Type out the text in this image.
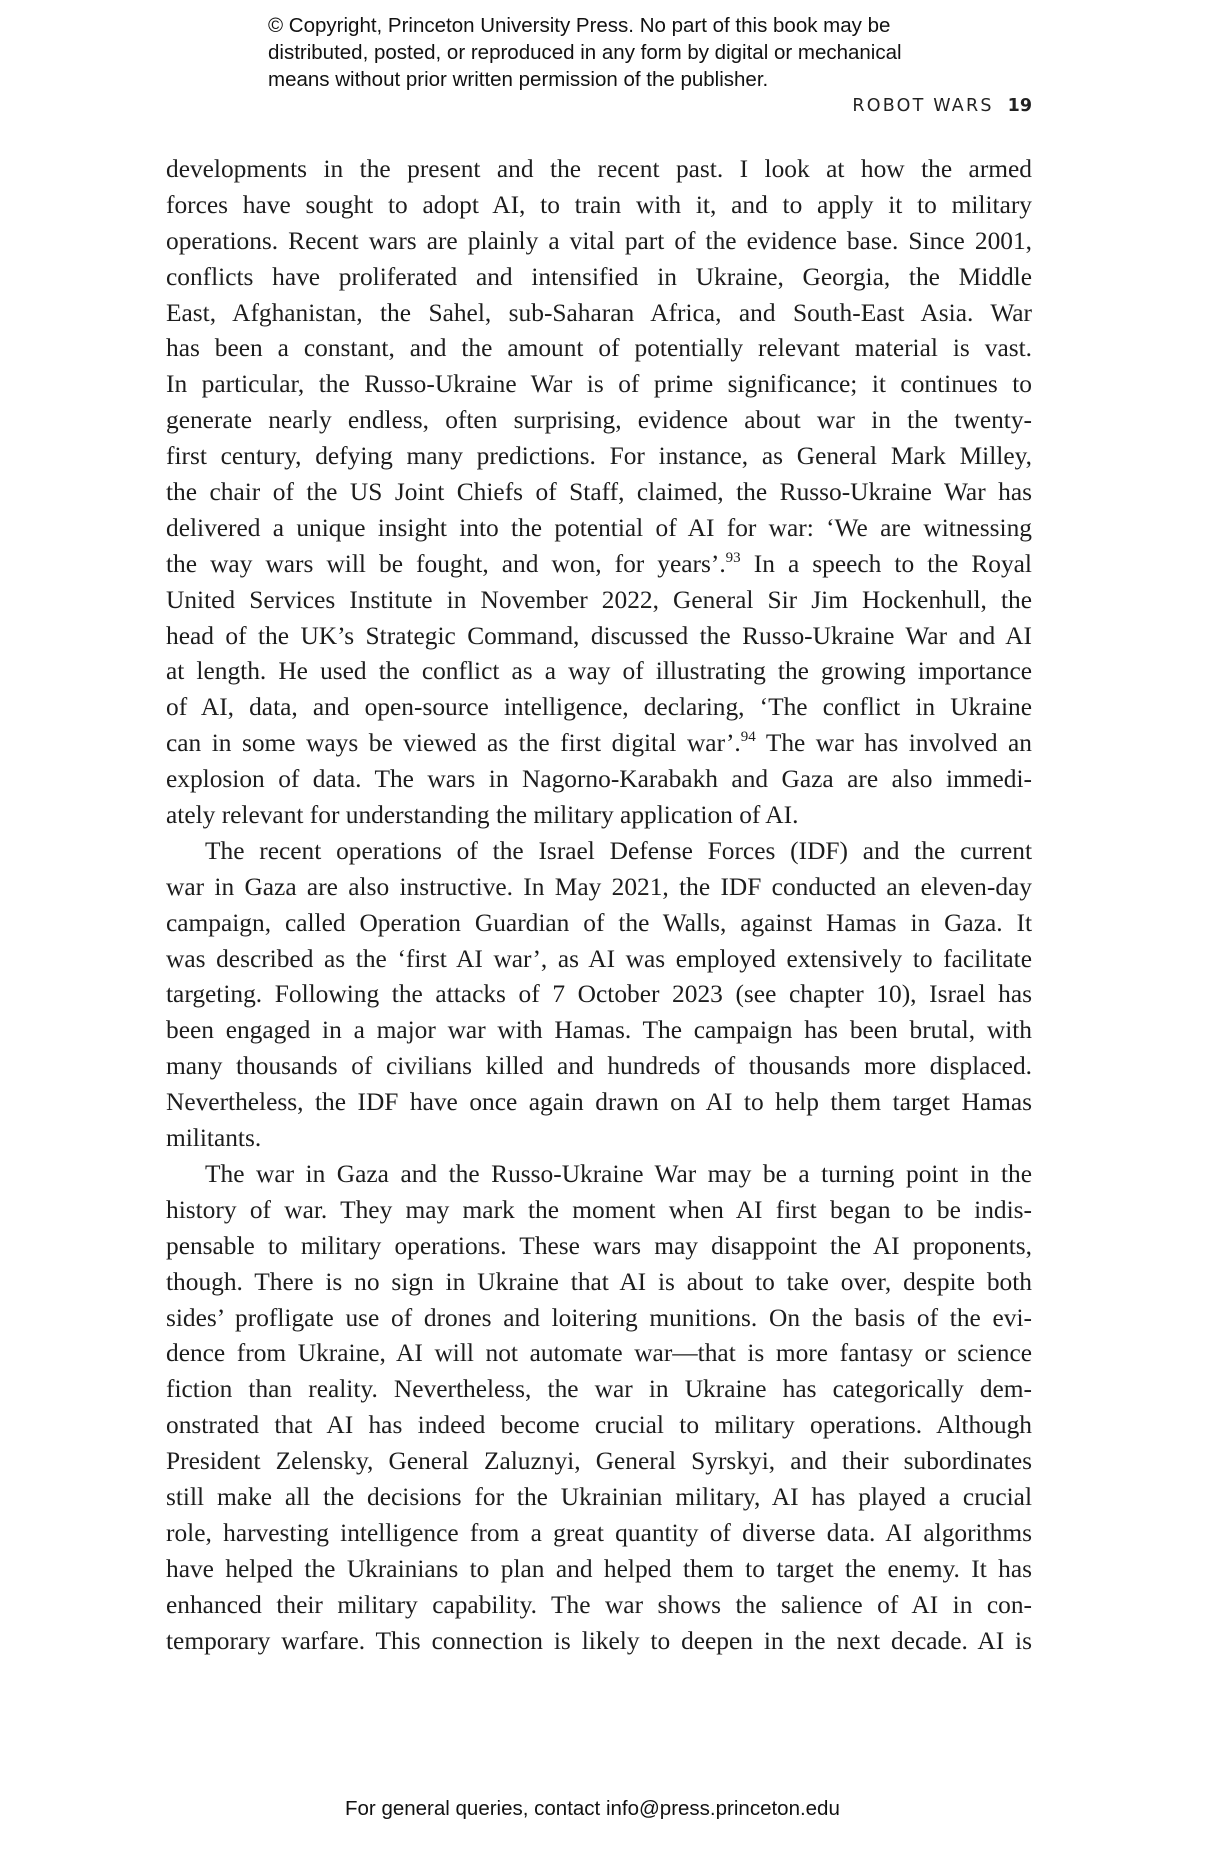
© Copyright, Princeton University Press. No part of this book may be
distributed, posted, or reproduced in any form by digital or mechanical
means without prior written permission of the publisher.
ROBOT WARS 19
developments in the present and the recent past. I look at how the armed
forces have sought to adopt AI, to train with it, and to apply it to military
operations. Recent wars are plainly a vital part of the evidence base. Since 2001,
conflicts have proliferated and intensified in Ukraine, Georgia, the Middle
East, Afghanistan, the Sahel, sub-Saharan Africa, and South-East Asia. War
has been a constant, and the amount of potentially relevant material is vast.
In particular, the Russo-Ukraine War is of prime significance; it continues to
generate nearly endless, often surprising, evidence about war in the twenty-
first century, defying many predictions. For instance, as General Mark Milley,
the chair of the US Joint Chiefs of Staff, claimed, the Russo-Ukraine War has
delivered a unique insight into the potential of AI for war: ‘We are witnessing
the way wars will be fought, and won, for years’.$^{93}$ In a speech to the Royal
United Services Institute in November 2022, General Sir Jim Hockenhull, the
head of the UK’s Strategic Command, discussed the Russo-Ukraine War and AI
at length. He used the conflict as a way of illustrating the growing importance
of AI, data, and open-source intelligence, declaring, ‘The conflict in Ukraine
can in some ways be viewed as the first digital war’.$^{94}$ The war has involved an
explosion of data. The wars in Nagorno-Karabakh and Gaza are also immedi-
ately relevant for understanding the military application of AI.
The recent operations of the Israel Defense Forces (IDF) and the current
war in Gaza are also instructive. In May 2021, the IDF conducted an eleven-day
campaign, called Operation Guardian of the Walls, against Hamas in Gaza. It
was described as the ‘first AI war’, as AI was employed extensively to facilitate
targeting. Following the attacks of 7 October 2023 (see chapter 10), Israel has
been engaged in a major war with Hamas. The campaign has been brutal, with
many thousands of civilians killed and hundreds of thousands more displaced.
Nevertheless, the IDF have once again drawn on AI to help them target Hamas
militants.
The war in Gaza and the Russo-Ukraine War may be a turning point in the
history of war. They may mark the moment when AI first began to be indis-
pensable to military operations. These wars may disappoint the AI proponents,
though. There is no sign in Ukraine that AI is about to take over, despite both
sides’ profligate use of drones and loitering munitions. On the basis of the evi-
dence from Ukraine, AI will not automate war—that is more fantasy or science
fiction than reality. Nevertheless, the war in Ukraine has categorically dem-
onstrated that AI has indeed become crucial to military operations. Although
President Zelensky, General Zaluznyi, General Syrskyi, and their subordinates
still make all the decisions for the Ukrainian military, AI has played a crucial
role, harvesting intelligence from a great quantity of diverse data. AI algorithms
have helped the Ukrainians to plan and helped them to target the enemy. It has
enhanced their military capability. The war shows the salience of AI in con-
temporary warfare. This connection is likely to deepen in the next decade. AI is
For general queries, contact info@press.princeton.edu
